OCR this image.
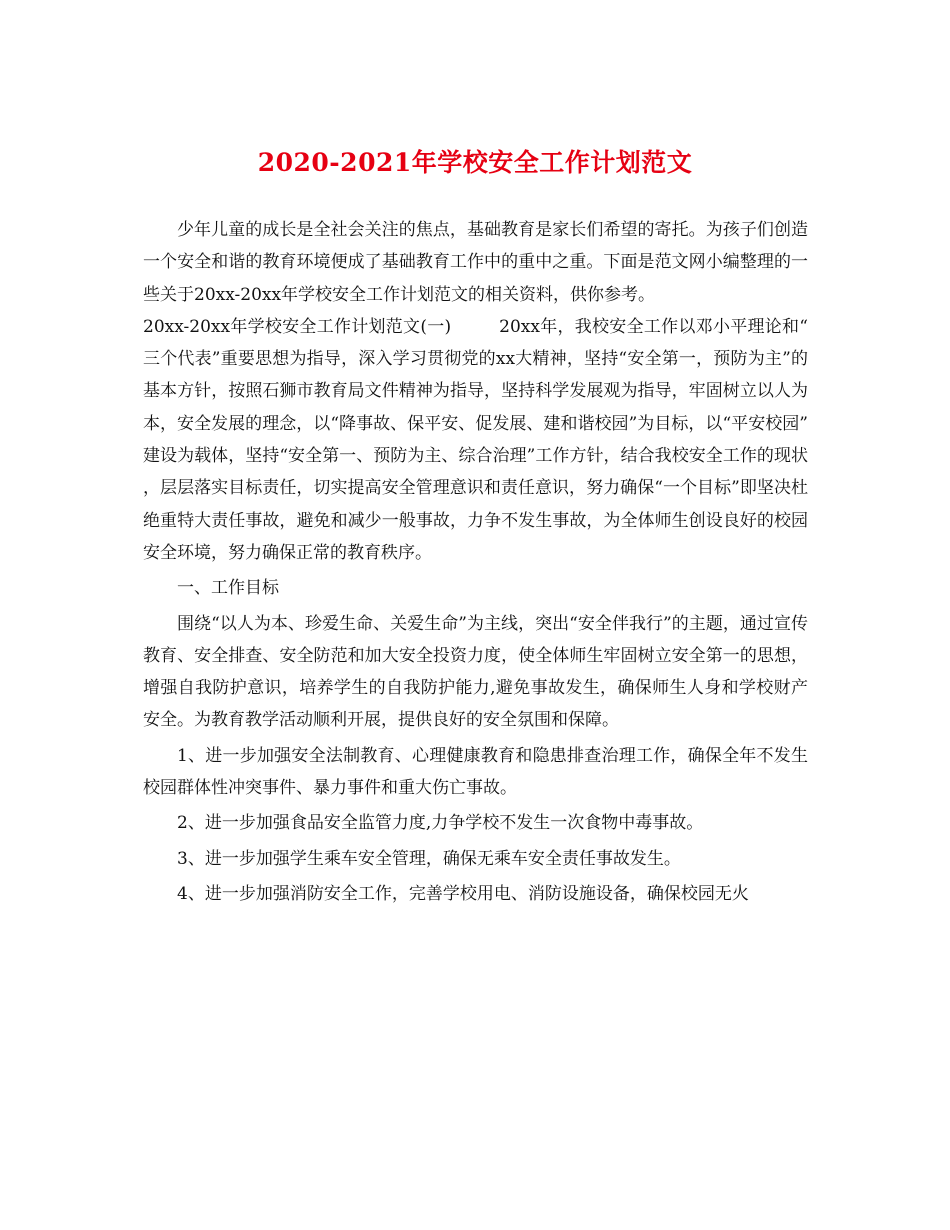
2020-2021年学校安全工作计划范文

少年儿童的成长是全社会关注的焦点，基础教育是家长们希望的寄托。为孩子们创造一个安全和谐的教育环境便成了基础教育工作中的重中之重。下面是范文网小编整理的一些关于20xx-20xx年学校安全工作计划范文的相关资料，供你参考。

20xx-20xx年学校安全工作计划范文(一)	20xx年，我校安全工作以邓小平理论和“三个代表”重要思想为指导，深入学习贯彻党的xx大精神，坚持“安全第一，预防为主”的基本方针，按照石狮市教育局文件精神为指导，坚持科学发展观为指导，牢固树立以人为本，安全发展的理念，以“降事故、保平安、促发展、建和谐校园”为目标，以“平安校园”建设为载体，坚持“安全第一、预防为主、综合治理”工作方针，结合我校安全工作的现状，层层落实目标责任，切实提高安全管理意识和责任意识，努力确保“一个目标”即坚决杜绝重特大责任事故，避免和减少一般事故，力争不发生事故，为全体师生创设良好的校园安全环境，努力确保正常的教育秩序。

一、工作目标

围绕“以人为本、珍爱生命、关爱生命”为主线，突出“安全伴我行”的主题，通过宣传教育、安全排查、安全防范和加大安全投资力度，使全体师生牢固树立安全第一的思想，增强自我防护意识，培养学生的自我防护能力,避免事故发生，确保师生人身和学校财产安全。为教育教学活动顺利开展，提供良好的安全氛围和保障。

1、进一步加强安全法制教育、心理健康教育和隐患排查治理工作，确保全年不发生校园群体性冲突事件、暴力事件和重大伤亡事故。

2、进一步加强食品安全监管力度,力争学校不发生一次食物中毒事故。

3、进一步加强学生乘车安全管理，确保无乘车安全责任事故发生。

4、进一步加强消防安全工作，完善学校用电、消防设施设备，确保校园无火
